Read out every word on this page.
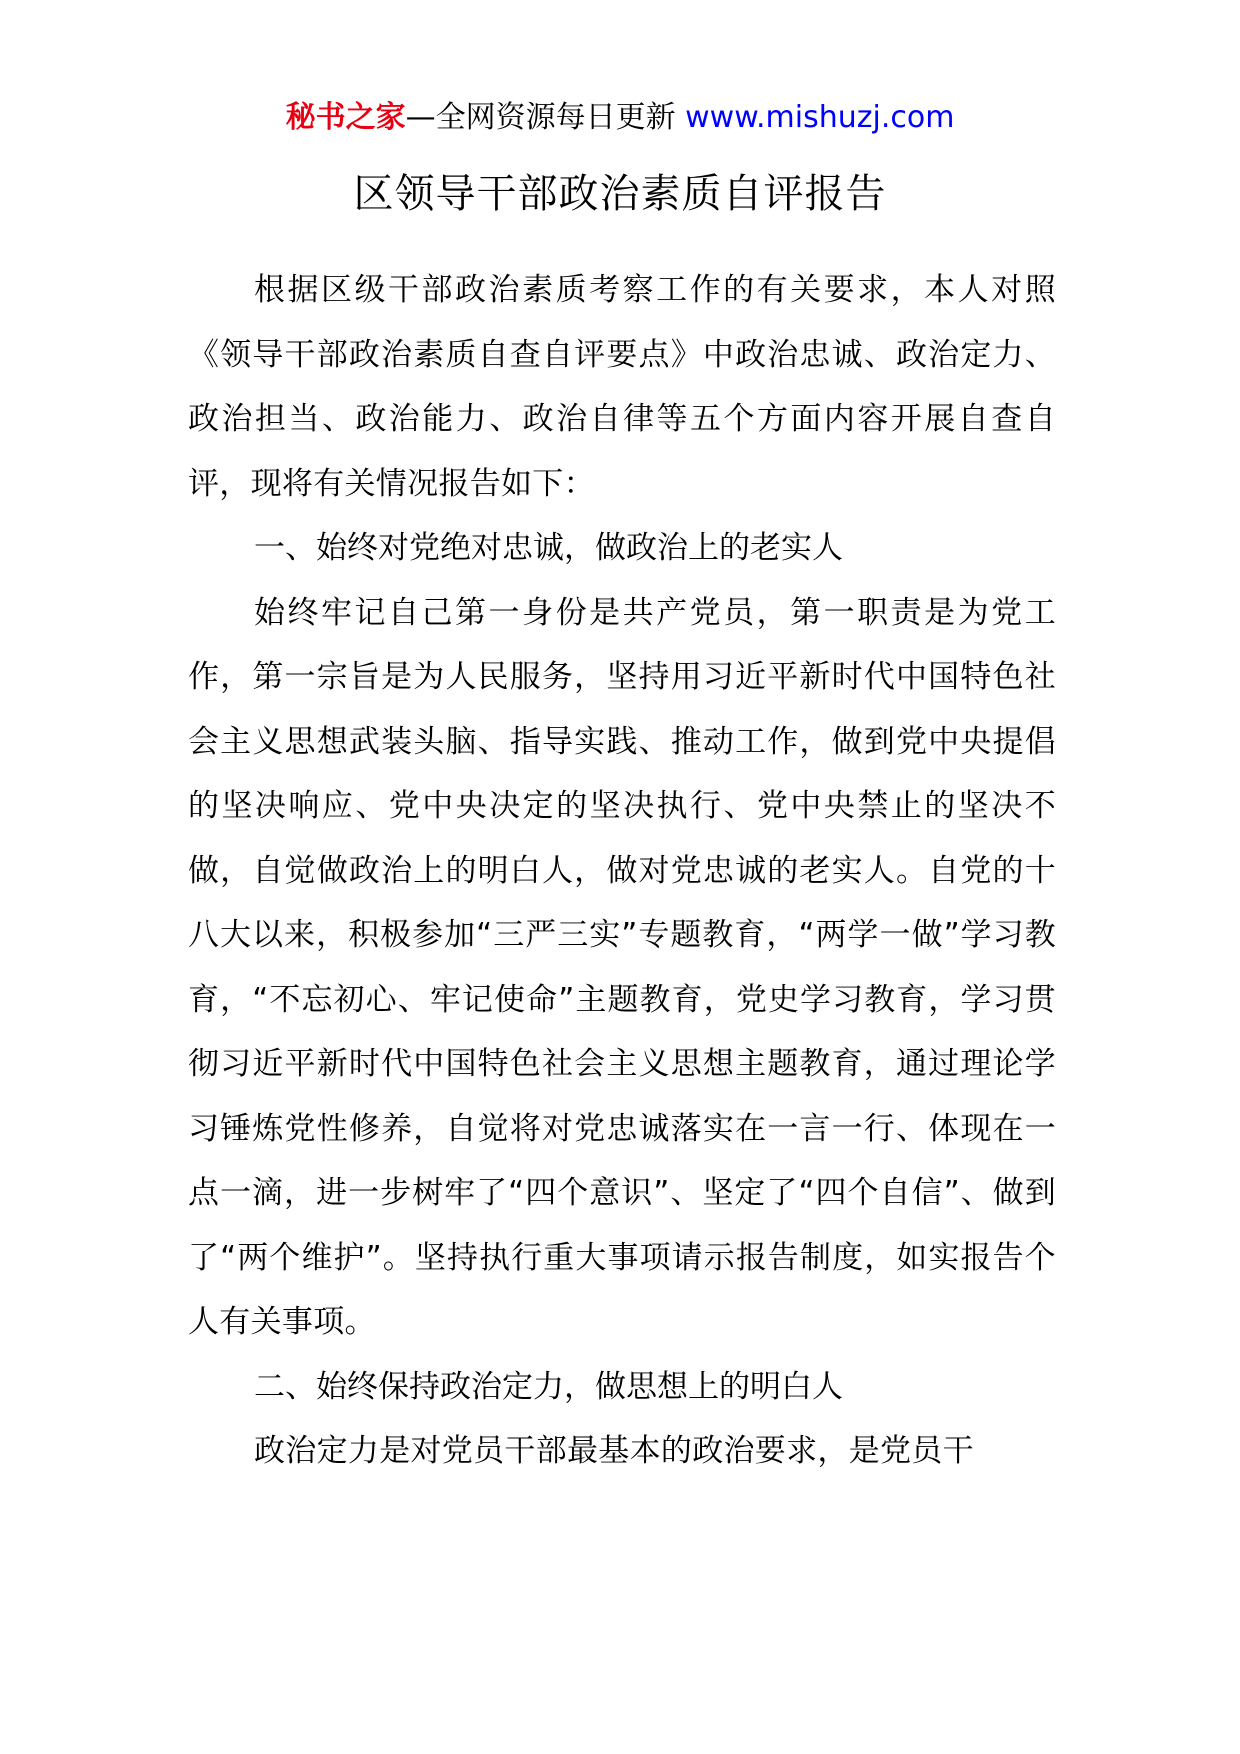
秘书之家—全网资源每日更新 www.mishuzj.com
区领导干部政治素质自评报告

根据区级干部政治素质考察工作的有关要求，本人对照《领导干部政治素质自查自评要点》中政治忠诚、政治定力、政治担当、政治能力、政治自律等五个方面内容开展自查自评，现将有关情况报告如下：

一、始终对党绝对忠诚，做政治上的老实人

始终牢记自己第一身份是共产党员，第一职责是为党工作，第一宗旨是为人民服务，坚持用习近平新时代中国特色社会主义思想武装头脑、指导实践、推动工作，做到党中央提倡的坚决响应、党中央决定的坚决执行、党中央禁止的坚决不做，自觉做政治上的明白人，做对党忠诚的老实人。自党的十八大以来，积极参加“三严三实”专题教育，“两学一做”学习教育，“不忘初心、牢记使命”主题教育，党史学习教育，学习贯彻习近平新时代中国特色社会主义思想主题教育，通过理论学习锤炼党性修养，自觉将对党忠诚落实在一言一行、体现在一点一滴，进一步树牢了“四个意识”、坚定了“四个自信”、做到了“两个维护”。坚持执行重大事项请示报告制度，如实报告个人有关事项。

二、始终保持政治定力，做思想上的明白人

政治定力是对党员干部最基本的政治要求，是党员干
